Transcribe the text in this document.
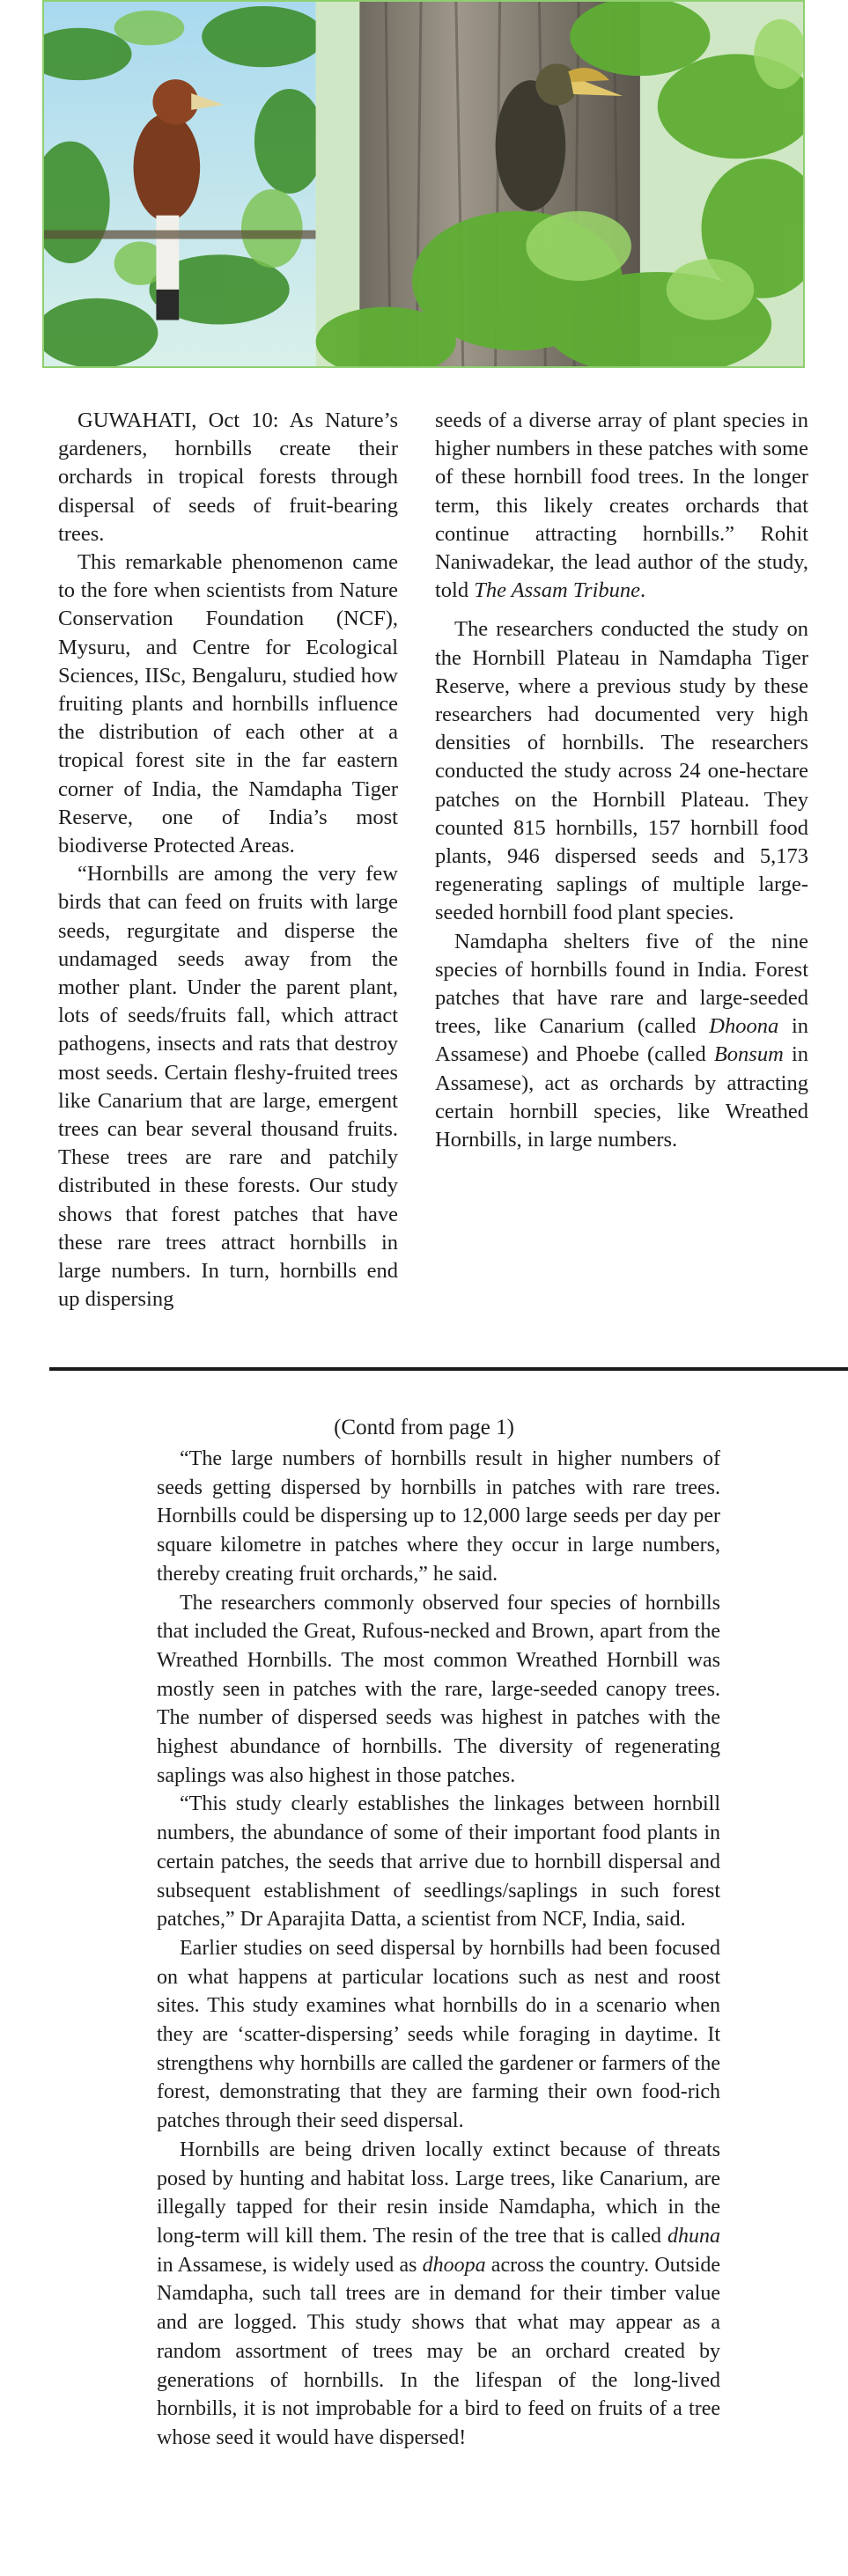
GUWAHATI, Oct 10: As Nature’s gardeners, hornbills create their orchards in tropical forests through dispersal of seeds of fruit-bearing trees.

This remarkable phenomenon came to the fore when scientists from Nature Conservation Foundation (NCF), Mysuru, and Centre for Ecological Sciences, IISc, Bengaluru, studied how fruiting plants and hornbills influence the distribution of each other at a tropical forest site in the far eastern corner of India, the Namdapha Tiger Reserve, one of India’s most biodiverse Protected Areas.

“Hornbills are among the very few birds that can feed on fruits with large seeds, regurgitate and disperse the undamaged seeds away from the mother plant. Under the parent plant, lots of seeds/fruits fall, which attract pathogens, insects and rats that destroy most seeds. Certain fleshy-fruited trees like Canarium that are large, emergent trees can bear several thousand fruits. These trees are rare and patchily distributed in these forests. Our study shows that forest patches that have these rare trees attract hornbills in large numbers. In turn, hornbills end up dispersing

seeds of a diverse array of plant species in higher numbers in these patches with some of these hornbill food trees. In the longer term, this likely creates orchards that continue attracting hornbills.” Rohit Naniwadekar, the lead author of the study, told The Assam Tribune.

The researchers conducted the study on the Hornbill Plateau in Namdapha Tiger Reserve, where a previous study by these researchers had documented very high densities of hornbills. The researchers conducted the study across 24 one-hectare patches on the Hornbill Plateau. They counted 815 hornbills, 157 hornbill food plants, 946 dispersed seeds and 5,173 regenerating saplings of multiple large-seeded hornbill food plant species.

Namdapha shelters five of the nine species of hornbills found in India. Forest patches that have rare and large-seeded trees, like Canarium (called Dhoona in Assamese) and Phoebe (called Bonsum in Assamese), act as orchards by attracting certain hornbill species, like Wreathed Hornbills, in large numbers.

(Contd from page 1)

“The large numbers of hornbills result in higher numbers of seeds getting dispersed by hornbills in patches with rare trees. Hornbills could be dispersing up to 12,000 large seeds per day per square kilometre in patches where they occur in large numbers, thereby creating fruit orchards,” he said.

The researchers commonly observed four species of hornbills that included the Great, Rufous-necked and Brown, apart from the Wreathed Hornbills. The most common Wreathed Hornbill was mostly seen in patches with the rare, large-seeded canopy trees. The number of dispersed seeds was highest in patches with the highest abundance of hornbills. The diversity of regenerating saplings was also highest in those patches.

“This study clearly establishes the linkages between hornbill numbers, the abundance of some of their important food plants in certain patches, the seeds that arrive due to hornbill dispersal and subsequent establishment of seedlings/saplings in such forest patches,” Dr Aparajita Datta, a scientist from NCF, India, said.

Earlier studies on seed dispersal by hornbills had been focused on what happens at particular locations such as nest and roost sites. This study examines what hornbills do in a scenario when they are ‘scatter-dispersing’ seeds while foraging in daytime. It strengthens why hornbills are called the gardener or farmers of the forest, demonstrating that they are farming their own food-rich patches through their seed dispersal.

Hornbills are being driven locally extinct because of threats posed by hunting and habitat loss. Large trees, like Canarium, are illegally tapped for their resin inside Namdapha, which in the long-term will kill them. The resin of the tree that is called dhuna in Assamese, is widely used as dhoopa across the country. Outside Namdapha, such tall trees are in demand for their timber value and are logged. This study shows that what may appear as a random assortment of trees may be an orchard created by generations of hornbills. In the lifespan of the long-lived hornbills, it is not improbable for a bird to feed on fruits of a tree whose seed it would have dispersed!
